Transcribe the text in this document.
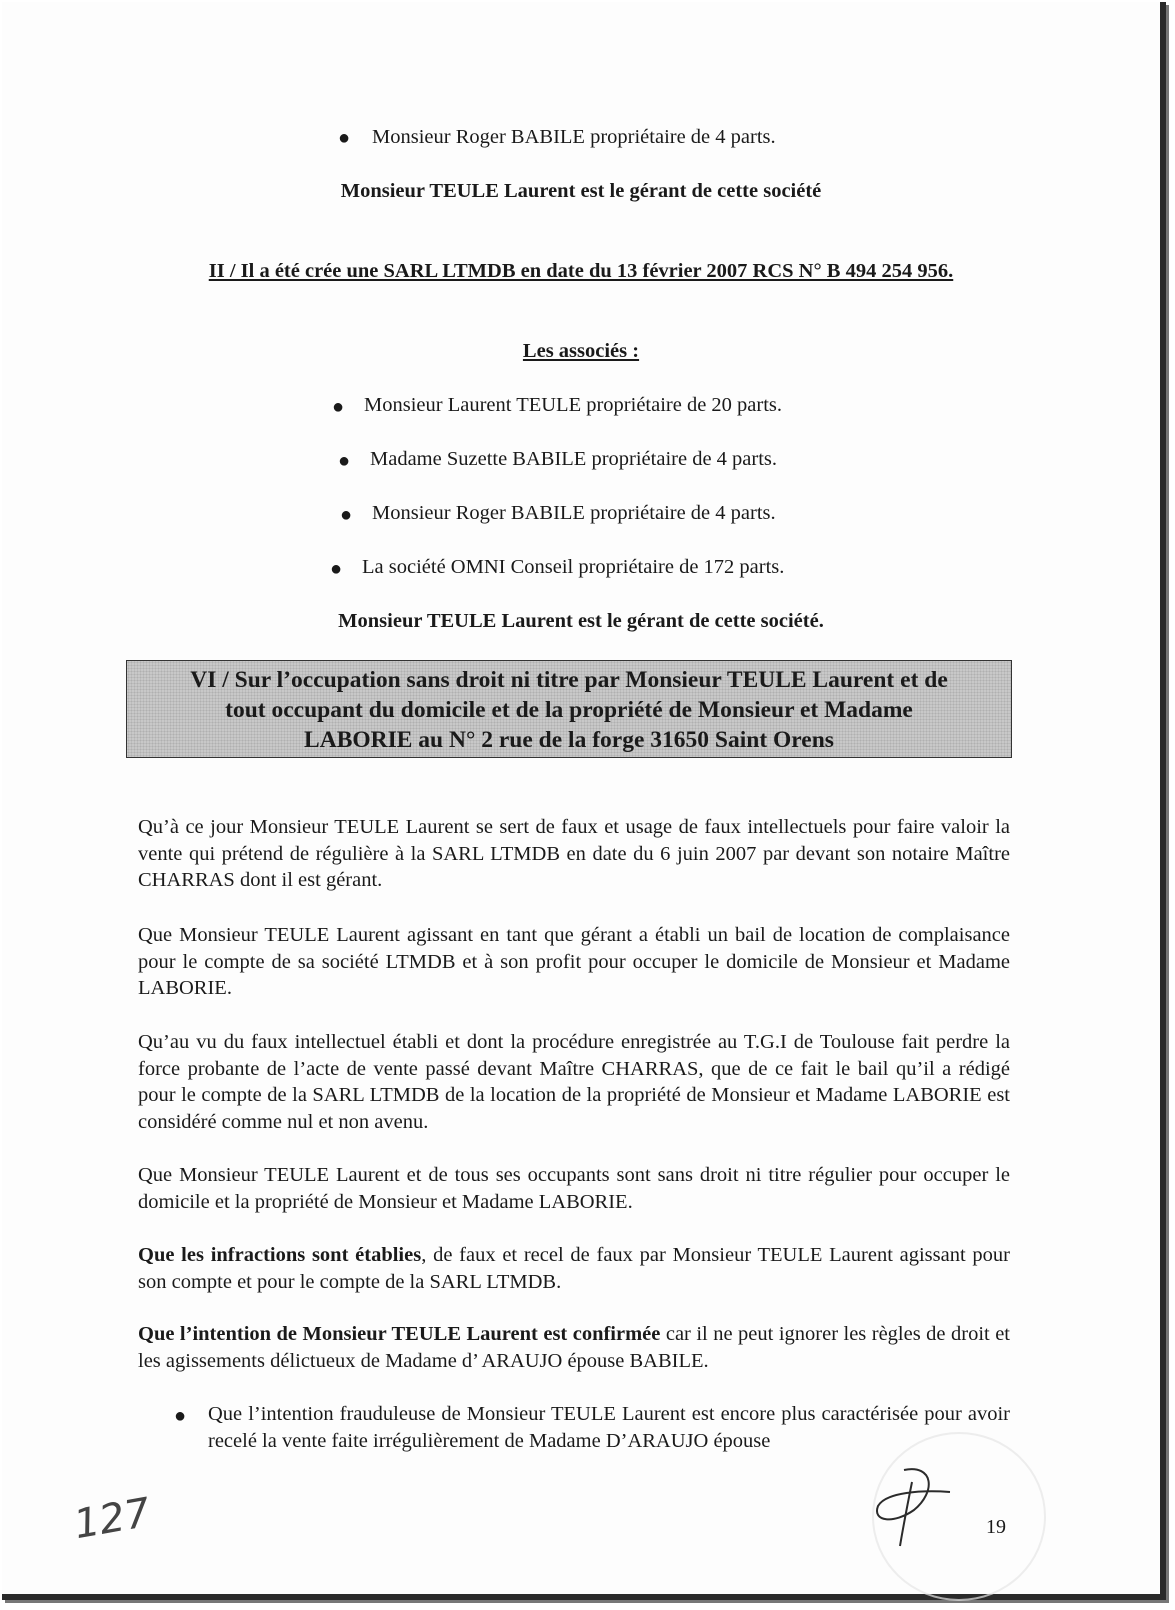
● Monsieur Roger BABILE propriétaire de 4 parts.
Monsieur TEULE Laurent est le gérant de cette société
II / Il a été crée une SARL LTMDB en date du 13 février 2007 RCS N° B 494 254 956.
Les associés :
● Monsieur Laurent TEULE propriétaire de 20 parts.
● Madame Suzette BABILE propriétaire de 4 parts.
● Monsieur Roger BABILE propriétaire de 4 parts.
● La société OMNI Conseil propriétaire de 172 parts.
Monsieur TEULE Laurent est le gérant de cette société.
VI / Sur l’occupation sans droit ni titre par Monsieur TEULE Laurent et de
tout occupant du domicile et de la propriété de Monsieur et Madame
LABORIE au N° 2 rue de la forge 31650 Saint Orens

Qu’à ce jour Monsieur TEULE Laurent se sert de faux et usage de faux intellectuels pour faire valoir la vente qui prétend de régulière à la SARL LTMDB en date du 6 juin 2007 par devant son notaire Maître CHARRAS dont il est gérant.

Que Monsieur TEULE Laurent agissant en tant que gérant a établi un bail de location de complaisance pour le compte de sa société LTMDB et à son profit pour occuper le domicile de Monsieur et Madame LABORIE.

Qu’au vu du faux intellectuel établi et dont la procédure enregistrée au T.G.I de Toulouse fait perdre la force probante de l’acte de vente passé devant Maître CHARRAS, que de ce fait le bail qu’il a rédigé pour le compte de la SARL LTMDB de la location de la propriété de Monsieur et Madame LABORIE est considéré comme nul et non avenu.

Que Monsieur TEULE Laurent et de tous ses occupants sont sans droit ni titre régulier pour occuper le domicile et la propriété de Monsieur et Madame LABORIE.

Que les infractions sont établies, de faux et recel de faux par Monsieur TEULE Laurent agissant pour son compte et pour le compte de la SARL LTMDB.

Que l’intention de Monsieur TEULE Laurent est confirmée car il ne peut ignorer les règles de droit et les agissements délictueux de Madame d’ ARAUJO épouse BABILE.

● Que l’intention frauduleuse de Monsieur TEULE Laurent est encore plus caractérisée pour avoir recelé la vente faite irrégulièrement de Madame D’ARAUJO épouse

127	19
